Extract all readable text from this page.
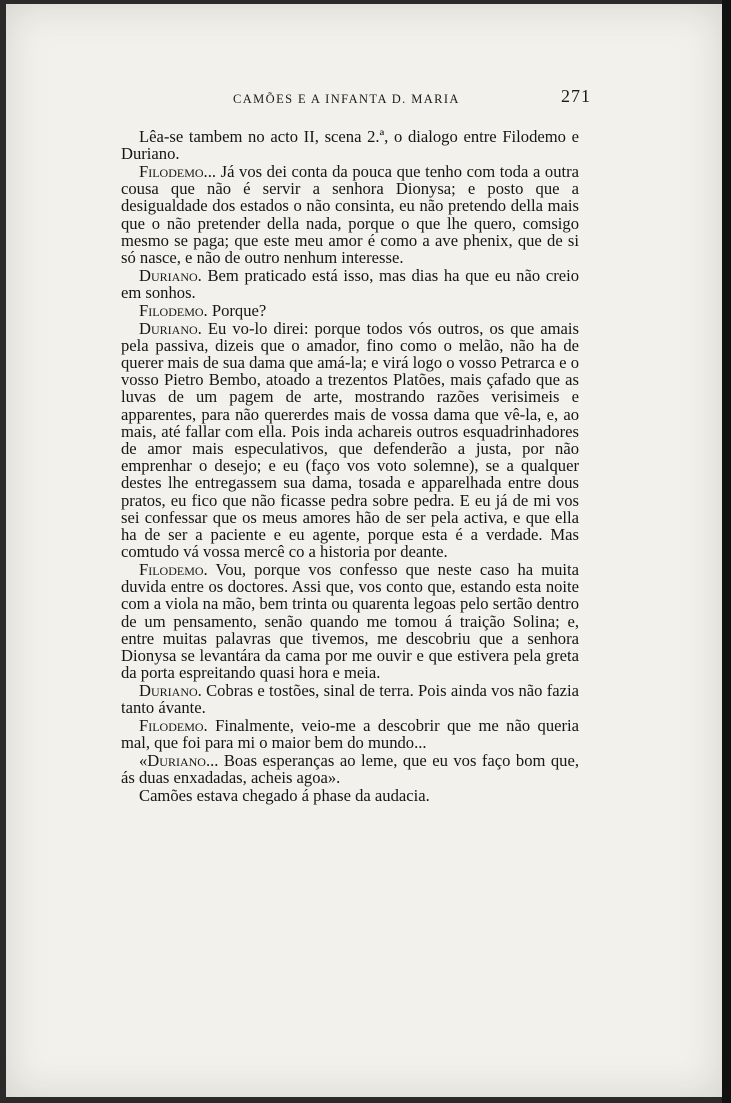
CAMÕES E A INFANTA D. MARIA	271

Lêa-se tambem no acto II, scena 2.ª, o dialogo entre Filodemo e Duriano.

Filodemo... Já vos dei conta da pouca que tenho com toda a outra cousa que não é servir a senhora Dionysa; e posto que a desigualdade dos estados o não consinta, eu não pretendo della mais que o não pretender della nada, porque o que lhe quero, comsigo mesmo se paga; que este meu amor é como a ave phenix, que de si só nasce, e não de outro nenhum interesse.

Duriano. Bem praticado está isso, mas dias ha que eu não creio em sonhos.

Filodemo. Porque?

Duriano. Eu vo-lo direi: porque todos vós outros, os que amais pela passiva, dizeis que o amador, fino como o melão, não ha de querer mais de sua dama que amá-la; e virá logo o vosso Petrarca e o vosso Pietro Bembo, atoado a trezentos Platões, mais çafado que as luvas de um pagem de arte, mostrando razões verisimeis e apparentes, para não quererdes mais de vossa dama que vê-la, e, ao mais, até fallar com ella. Pois inda achareis outros esquadrinhadores de amor mais especulativos, que defenderão a justa, por não emprenhar o desejo; e eu (faço vos voto solemne), se a qualquer destes lhe entregassem sua dama, tosada e apparelhada entre dous pratos, eu fico que não ficasse pedra sobre pedra. E eu já de mi vos sei confessar que os meus amores hão de ser pela activa, e que ella ha de ser a paciente e eu agente, porque esta é a verdade. Mas comtudo vá vossa mercê co a historia por deante.

Filodemo. Vou, porque vos confesso que neste caso ha muita duvida entre os doctores. Assi que, vos conto que, estando esta noite com a viola na mão, bem trinta ou quarenta legoas pelo sertão dentro de um pensamento, senão quando me tomou á traição Solina; e, entre muitas palavras que tivemos, me descobriu que a senhora Dionysa se levantára da cama por me ouvir e que estivera pela greta da porta espreitando quasi hora e meia.

Duriano. Cobras e tostões, sinal de terra. Pois ainda vos não fazia tanto ávante.

Filodemo. Finalmente, veio-me a descobrir que me não queria mal, que foi para mi o maior bem do mundo...

«Duriano... Boas esperanças ao leme, que eu vos faço bom que, ás duas enxadadas, acheis agoa».

Camões estava chegado á phase da audacia.
